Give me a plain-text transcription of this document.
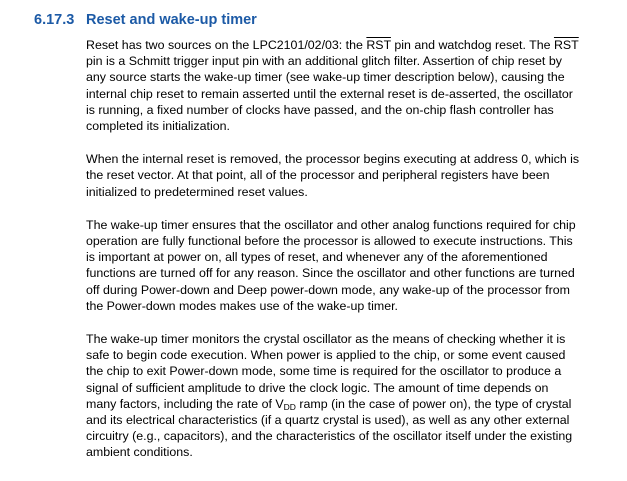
6.17.3 Reset and wake-up timer

Reset has two sources on the LPC2101/02/03: the $\overline{RST}$ pin and watchdog reset. The $\overline{RST}$
pin is a Schmitt trigger input pin with an additional glitch filter. Assertion of chip reset by
any source starts the wake-up timer (see wake-up timer description below), causing the
internal chip reset to remain asserted until the external reset is de-asserted, the oscillator
is running, a fixed number of clocks have passed, and the on-chip flash controller has
completed its initialization.

When the internal reset is removed, the processor begins executing at address 0, which is
the reset vector. At that point, all of the processor and peripheral registers have been
initialized to predetermined reset values.

The wake-up timer ensures that the oscillator and other analog functions required for chip
operation are fully functional before the processor is allowed to execute instructions. This
is important at power on, all types of reset, and whenever any of the aforementioned
functions are turned off for any reason. Since the oscillator and other functions are turned
off during Power-down and Deep power-down mode, any wake-up of the processor from
the Power-down modes makes use of the wake-up timer.

The wake-up timer monitors the crystal oscillator as the means of checking whether it is
safe to begin code execution. When power is applied to the chip, or some event caused
the chip to exit Power-down mode, some time is required for the oscillator to produce a
signal of sufficient amplitude to drive the clock logic. The amount of time depends on
many factors, including the rate of $V_{DD}$ ramp (in the case of power on), the type of crystal
and its electrical characteristics (if a quartz crystal is used), as well as any other external
circuitry (e.g., capacitors), and the characteristics of the oscillator itself under the existing
ambient conditions.
